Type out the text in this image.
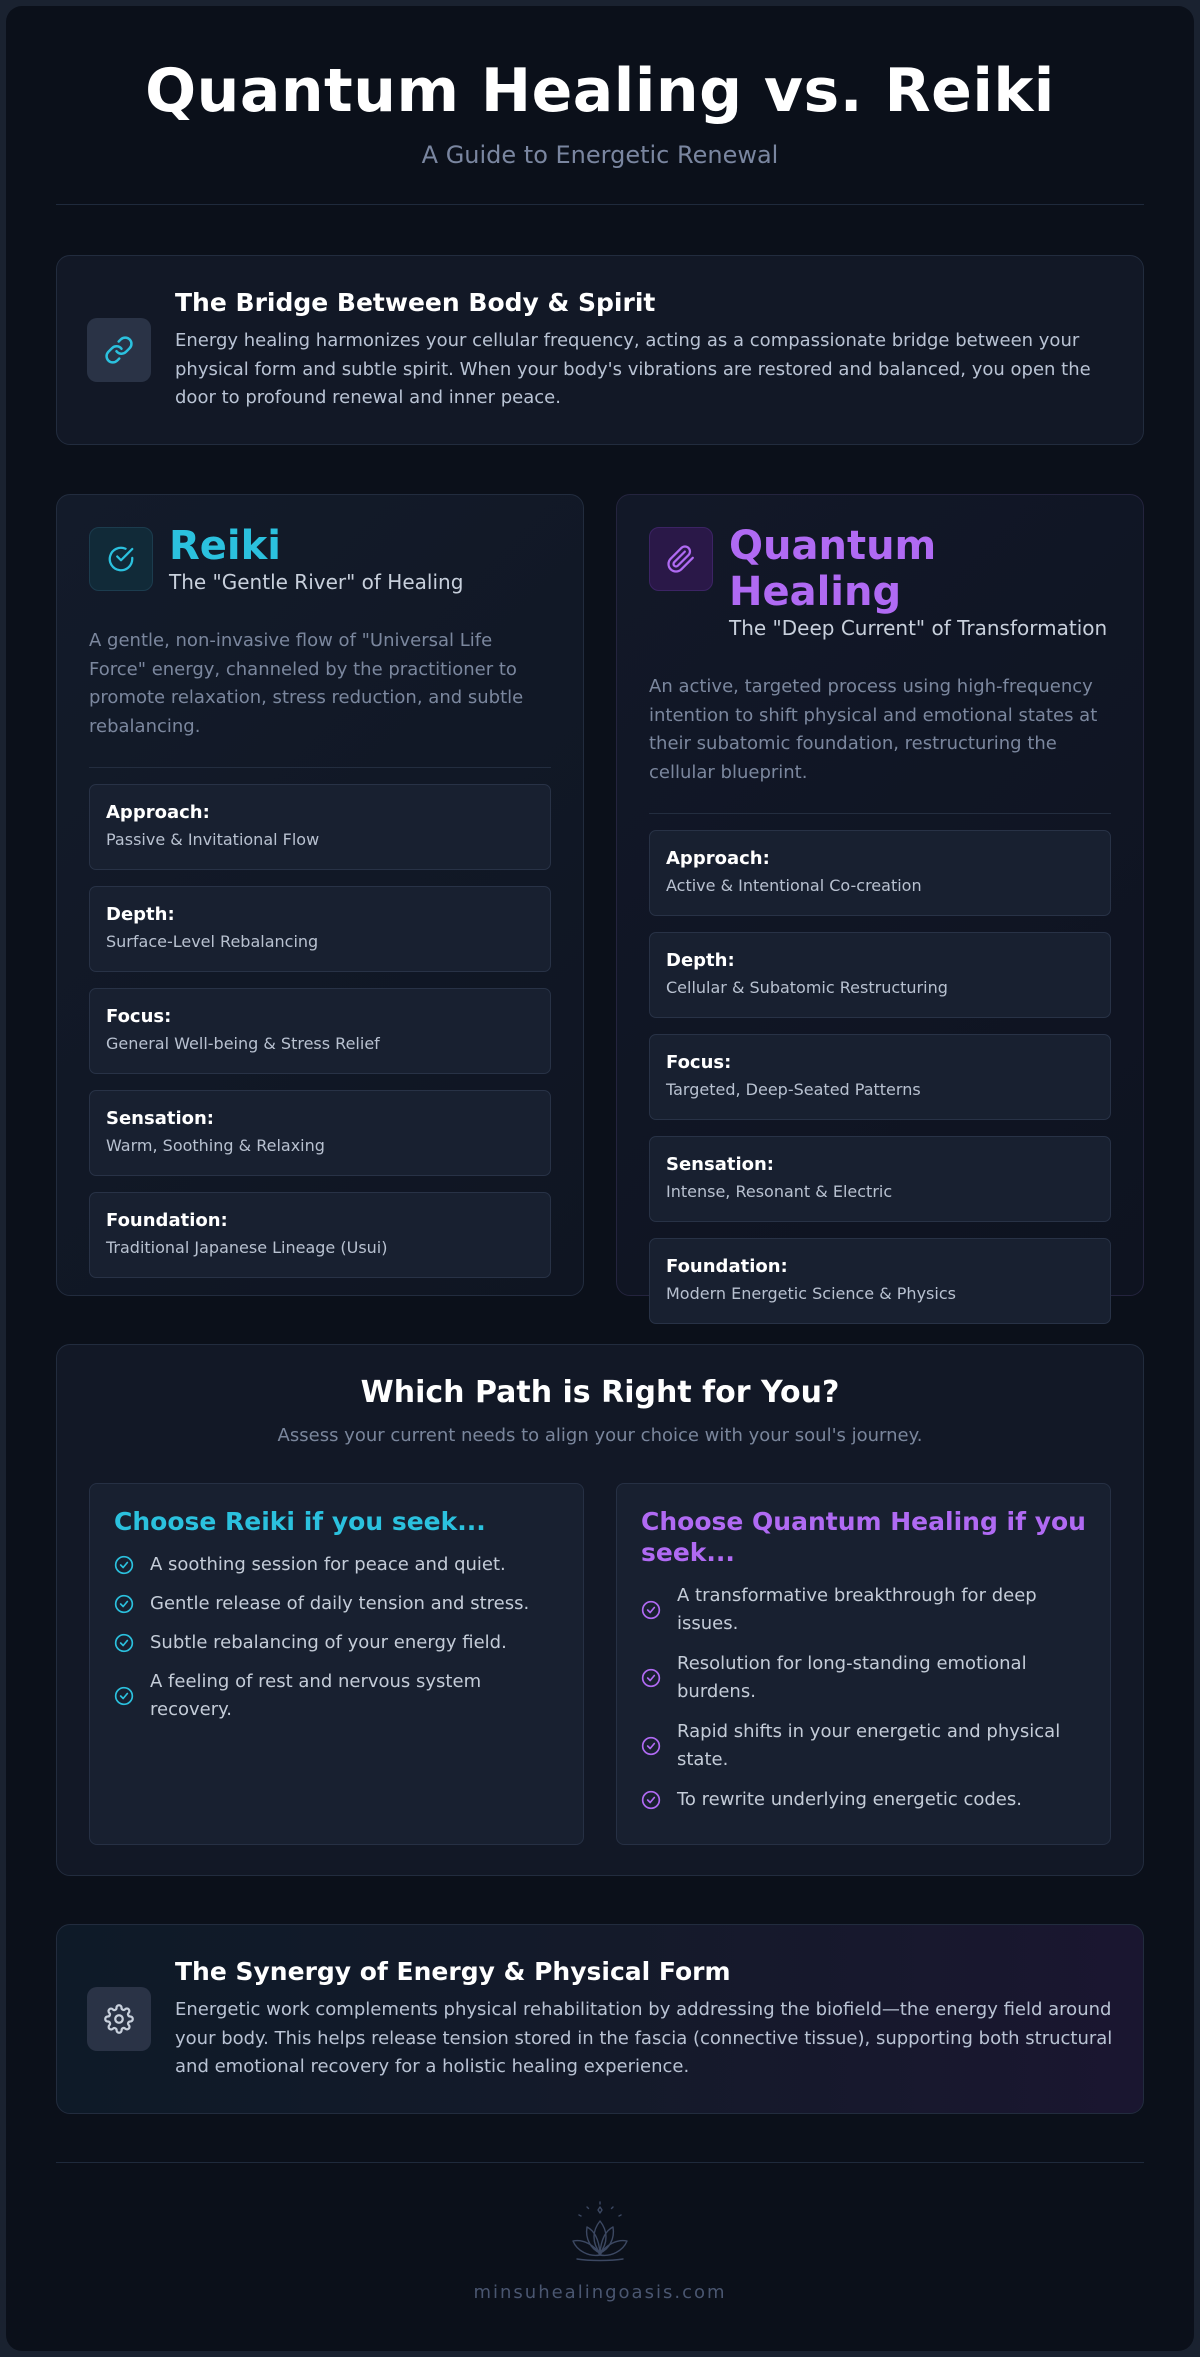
Quantum Healing vs. Reiki
A Guide to Energetic Renewal
The Bridge Between Body & Spirit

Energy healing harmonizes your cellular frequency, acting as a compassionate bridge between your physical form and subtle spirit. When your body's vibrations are restored and balanced, you open the door to profound renewal and inner peace.

Reiki
The "Gentle River" of Healing

A gentle, non-invasive flow of "Universal Life Force" energy, channeled by the practitioner to promote relaxation, stress reduction, and subtle rebalancing.

Approach:
Passive & Invitational Flow
Depth:
Surface-Level Rebalancing
Focus:
General Well-being & Stress Relief
Sensation:
Warm, Soothing & Relaxing
Foundation:
Traditional Japanese Lineage (Usui)
Quantum Healing
The "Deep Current" of Transformation

An active, targeted process using high-frequency intention to shift physical and emotional states at their subatomic foundation, restructuring the cellular blueprint.

Approach:
Active & Intentional Co-creation
Depth:
Cellular & Subatomic Restructuring
Focus:
Targeted, Deep-Seated Patterns
Sensation:
Intense, Resonant & Electric
Foundation:
Modern Energetic Science & Physics
Which Path is Right for You?

Assess your current needs to align your choice with your soul's journey.

Choose Reiki if you seek...
A soothing session for peace and quiet.
Gentle release of daily tension and stress.
Subtle rebalancing of your energy field.
A feeling of rest and nervous system recovery.
Choose Quantum Healing if you seek...
A transformative breakthrough for deep issues.
Resolution for long-standing emotional burdens.
Rapid shifts in your energetic and physical state.
To rewrite underlying energetic codes.
The Synergy of Energy & Physical Form

Energetic work complements physical rehabilitation by addressing the biofield—the energy field around your body. This helps release tension stored in the fascia (connective tissue), supporting both structural and emotional recovery for a holistic healing experience.

minsuhealingoasis.com
